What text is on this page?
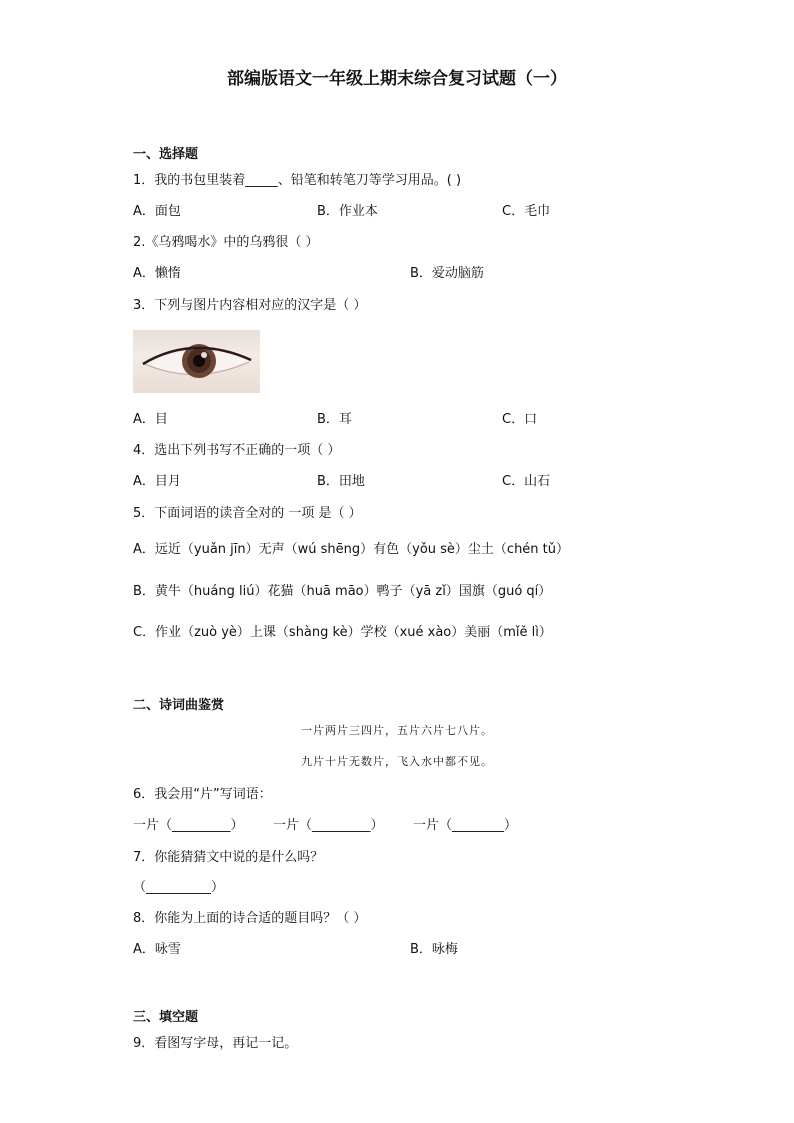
部编版语文一年级上期末综合复习试题（一）
一、选择题
1．我的书包里装着_____、铅笔和转笔刀等学习用品。( )
A．面包	B．作业本	C．毛巾
2.《乌鸦喝水》中的乌鸦很（ ）
A．懒惰	B．爱动脑筋
3．下列与图片内容相对应的汉字是（ ）
A．目	B．耳	C．口
4．选出下列书写不正确的一项（ ）
A．目月	B．田地	C．山石
5．下面词语的读音全对的 一项 是（ ）
A．远近（yuǎn jīn）无声（wú shēng）有色（yǒu sè）尘土（chén tǔ）
B．黄牛（huáng liú）花猫（huā māo）鸭子（yā zǐ）国旗（guó qí）
C．作业（zuò yè）上课（shàng kè）学校（xué xào）美丽（mǐě lì）
二、诗词曲鉴赏
一片两片三四片，五片六片七八片。
九片十片无数片，飞入水中都不见。
6．我会用“片”写词语：
一片（_________） 一片（_________） 一片（________）
7．你能猜猜文中说的是什么吗？
（__________）
8．你能为上面的诗合适的题目吗？（ ）
A．咏雪	B．咏梅
三、填空题
9．看图写字母，再记一记。
